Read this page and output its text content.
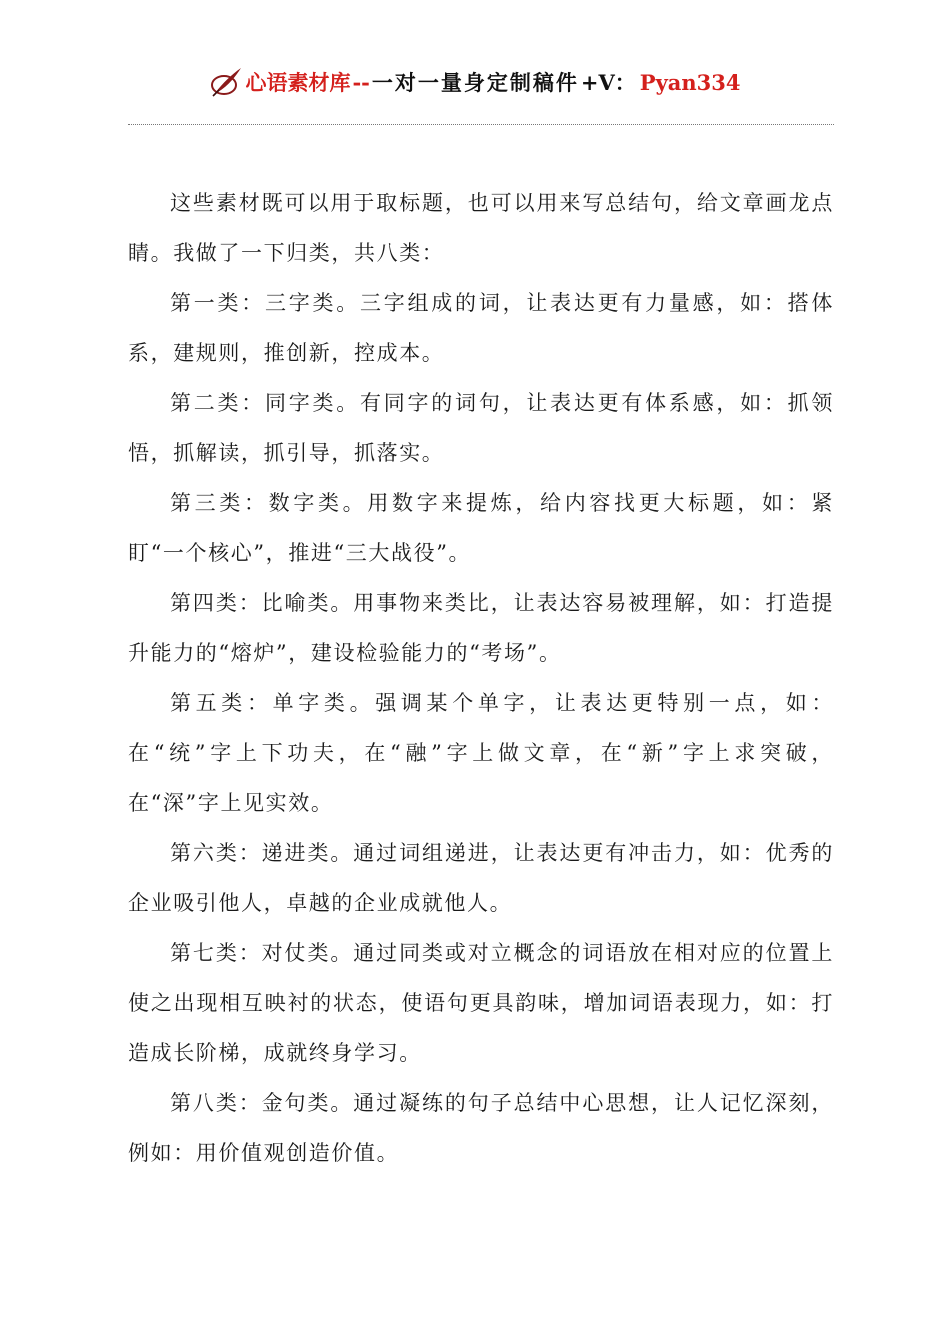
心语素材库 -- 一对一量身定制稿件 +V： Pyan334

这些素材既可以用于取标题，也可以用来写总结句，给文章画龙点睛。我做了一下归类，共八类：

第一类：三字类。三字组成的词，让表达更有力量感，如：搭体系，建规则，推创新，控成本。

第二类：同字类。有同字的词句，让表达更有体系感，如：抓领悟，抓解读，抓引导，抓落实。

第三类：数字类。用数字来提炼，给内容找更大标题，如：紧盯“一个核心”，推进“三大战役”。

第四类：比喻类。用事物来类比，让表达容易被理解，如：打造提升能力的“熔炉”，建设检验能力的“考场”。

第五类：单字类。强调某个单字，让表达更特别一点，如：在“统”字上下功夫，在“融”字上做文章，在“新”字上求突破，在“深”字上见实效。

第六类：递进类。通过词组递进，让表达更有冲击力，如：优秀的企业吸引他人，卓越的企业成就他人。

第七类：对仗类。通过同类或对立概念的词语放在相对应的位置上使之出现相互映衬的状态，使语句更具韵味，增加词语表现力，如：打造成长阶梯，成就终身学习。

第八类：金句类。通过凝练的句子总结中心思想，让人记忆深刻，例如：用价值观创造价值。
